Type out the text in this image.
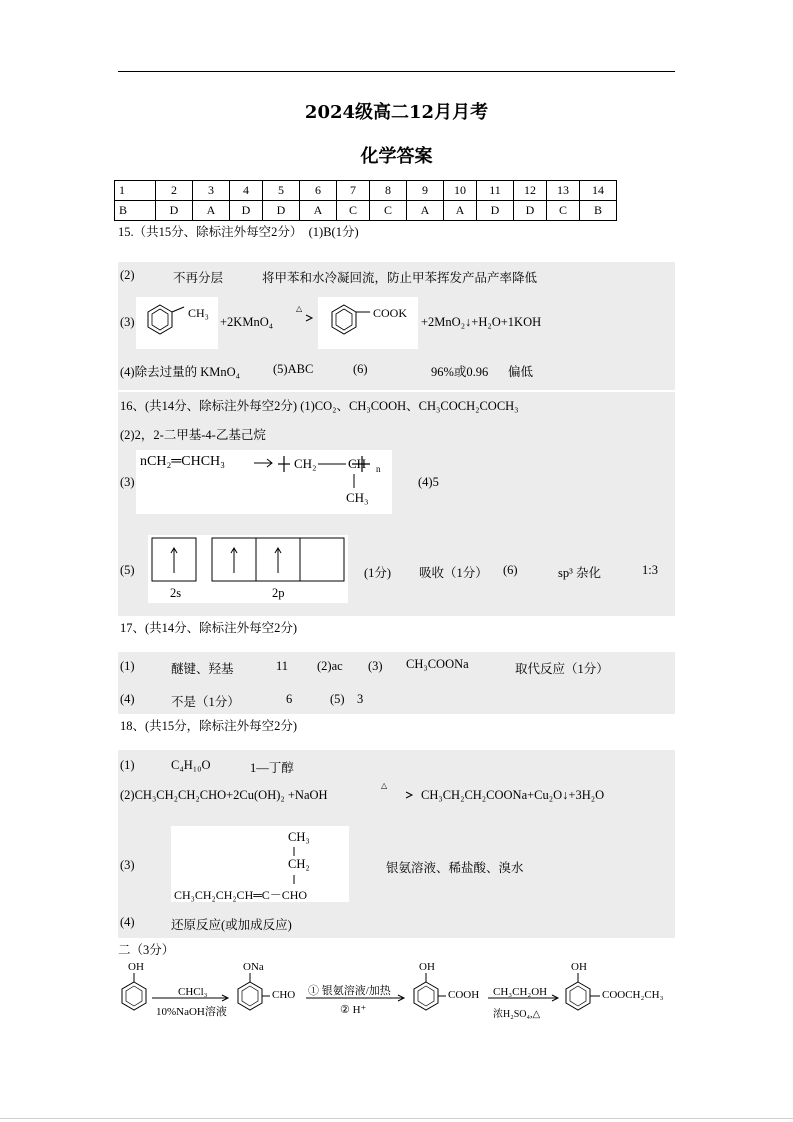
2024级高二12月月考
化学答案
1	2	3	4	5	6	7	8	9	10	11	12	13	14
B	D	A	D	D	A	C	C	A	A	D	D	C	B
15.（共15分、除标注外每空2分）　(1)B(1分)
(2)	不再分层	将甲苯和水冷凝回流，防止甲苯挥发产品产率降低
(3)
CH₃
+2KMnO₄
△	COOK
+2MnO₂↓+H₂O+1KOH
(4)除去过量的 KMnO₄	(5)ABC	(6)	96%或0.96 偏低
16、(共14分、除标注外每空2分) (1)CO₂、CH₃COOH、CH₃COCH₂COCH₃
(2)2，2-二甲基-4-乙基己烷
(3)
nCH₂═CHCH₃	CH₂ CH n
CH₃
(4)5
(5)
2s	2p
(1分) 吸收（1分） (6)	sp³ 杂化	1:3
17、(共14分、除标注外每空2分)
(1)	醚键、羟基	11 (2)ac (3) CH₃COONa	取代反应（1分）
(4)	不是（1分）	6	(5) 3
18、(共15分，除标注外每空2分)
(1)	C₄H₁₀O	1—丁醇
(2)CH₃CH₂CH₂CHO+2Cu(OH)₂ +NaOH
△
CH₃CH₂CH₂COONa+Cu₂O↓+3H₂O
(3)
CH₃
CH₂
CH₃CH₂CH₂CH═C－CHO
银氨溶液、稀盐酸、溴水
(4)	还原反应(或加成反应)
二（3分）
OH
CHCl₃
10%NaOH溶液
ONa
CHO ① 银氨溶液/加热
② H⁺
OH
COOH CH₃CH₂OH
浓H₂SO₄,△
OH
COOCH₂CH₃
